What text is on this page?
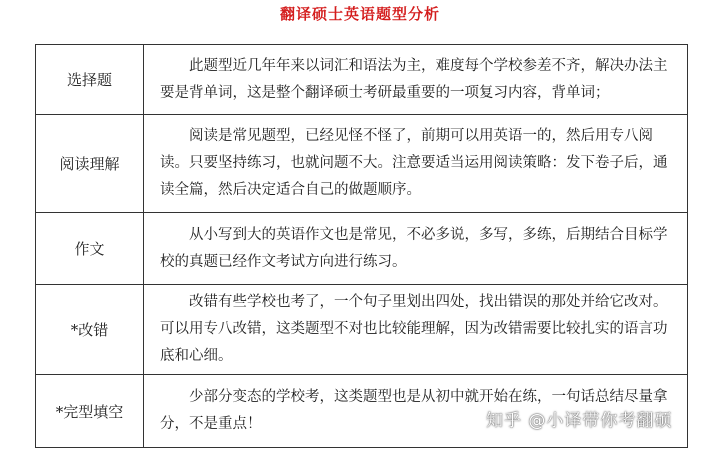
翻译硕士英语题型分析
选择题	此题型近几年年来以词汇和语法为主，难度每个学校参差不齐，解决办法主要是背单词，这是整个翻译硕士考研最重要的一项复习内容，背单词；

阅读理解	阅读是常见题型，已经见怪不怪了，前期可以用英语一的，然后用专八阅读。只要坚持练习，也就问题不大。注意要适当运用阅读策略：发下卷子后，通读全篇，然后决定适合自己的做题顺序。

作文	从小写到大的英语作文也是常见，不必多说，多写，多练，后期结合目标学校的真题已经作文考试方向进行练习。

*改错	改错有些学校也考了，一个句子里划出四处，找出错误的那处并给它改对。可以用专八改错，这类题型不对也比较能理解，因为改错需要比较扎实的语言功底和心细。

*完型填空	少部分变态的学校考，这类题型也是从初中就开始在练，一句话总结尽量拿分，不是重点！	知乎 @小译带你考翻硕
